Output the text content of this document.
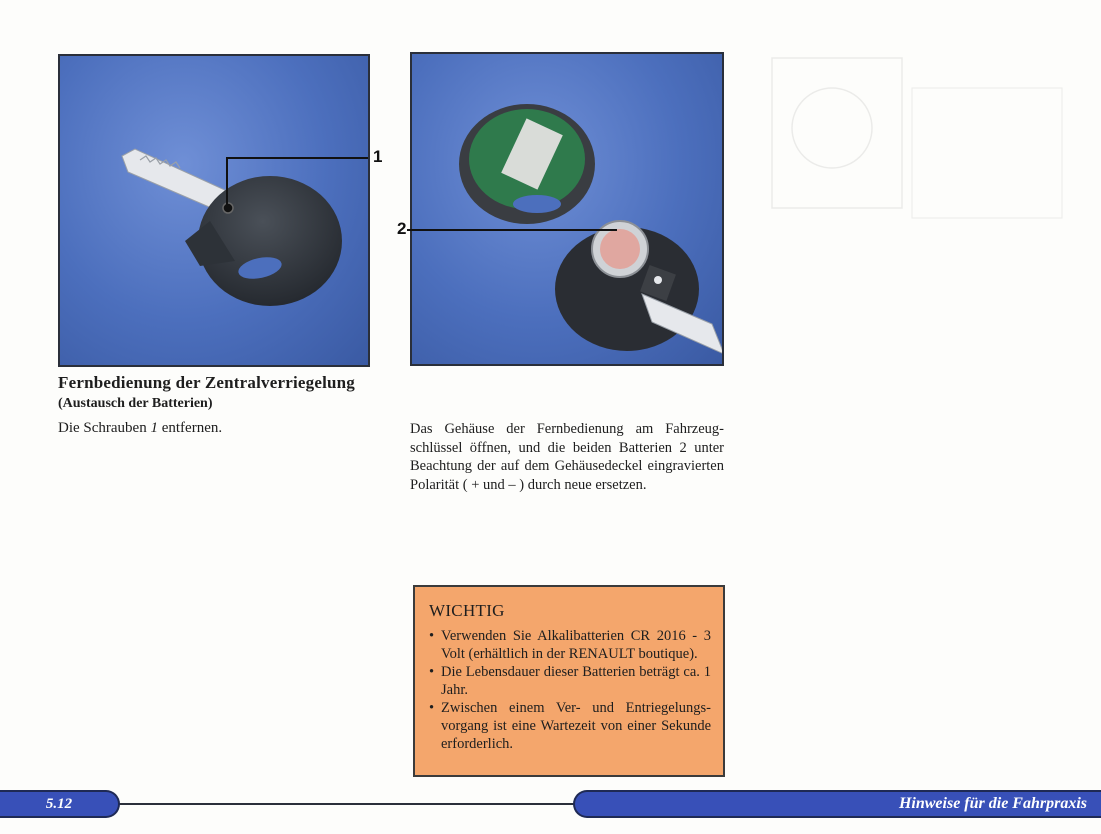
1
2
Fernbedienung der Zentralverriegelung
(Austausch der Batterien)
Die Schrauben 1 entfernen.	Das Gehäuse der Fernbedienung am Fahrzeug-schlüssel öffnen, und die beiden Batterien 2 unter Beachtung der auf dem Gehäusedeckel eingravierten Polarität ( + und – ) durch neue ersetzen.
WICHTIG
• Verwenden Sie Alkalibatterien CR 2016 - 3 Volt (erhältlich in der RENAULT boutique).
• Die Lebensdauer dieser Batterien beträgt ca. 1 Jahr.
• Zwischen einem Ver- und Entriegelungs-vorgang ist eine Wartezeit von einer Sekunde erforderlich.
5.12	Hinweise für die Fahrpraxis
